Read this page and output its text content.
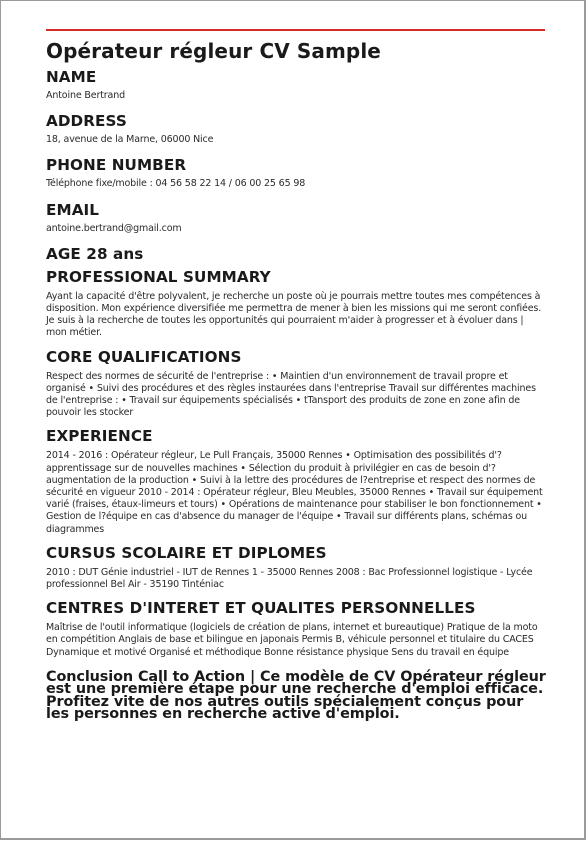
Opérateur régleur CV Sample
NAME

Antoine Bertrand

ADDRESS

18, avenue de la Marne, 06000 Nice

PHONE NUMBER

Téléphone fixe/mobile : 04 56 58 22 14 / 06 00 25 65 98

EMAIL

antoine.bertrand@gmail.com

AGE 28 ans
PROFESSIONAL SUMMARY

Ayant la capacité d'être polyvalent, je recherche un poste où je pourrais mettre toutes mes compétences à disposition. Mon expérience diversifiée me permettra de mener à bien les missions qui me seront confiées. Je suis à la recherche de toutes les opportunités qui pourraient m'aider à progresser et à évoluer dans | mon métier.

CORE QUALIFICATIONS

Respect des normes de sécurité de l'entreprise : • Maintien d'un environnement de travail propre et organisé • Suivi des procédures et des règles instaurées dans l'entreprise Travail sur différentes machines de l'entreprise : • Travail sur équipements spécialisés • tTansport des produits de zone en zone afin de pouvoir les stocker

EXPERIENCE

2014 - 2016 : Opérateur régleur, Le Pull Français, 35000 Rennes • Optimisation des possibilités d'?apprentissage sur de nouvelles machines • Sélection du produit à privilégier en cas de besoin d'?augmentation de la production • Suivi à la lettre des procédures de l?entreprise et respect des normes de sécurité en vigueur 2010 - 2014 : Opérateur régleur, Bleu Meubles, 35000 Rennes • Travail sur équipement varié (fraises, étaux-limeurs et tours) • Opérations de maintenance pour stabiliser le bon fonctionnement • Gestion de l?équipe en cas d'absence du manager de l'équipe • Travail sur différents plans, schémas ou diagrammes

CURSUS SCOLAIRE ET DIPLOMES

2010 : DUT Génie industriel - IUT de Rennes 1 - 35000 Rennes 2008 : Bac Professionnel logistique - Lycée professionnel Bel Air - 35190 Tinténiac

CENTRES D'INTERET ET QUALITES PERSONNELLES

Maîtrise de l'outil informatique (logiciels de création de plans, internet et bureautique) Pratique de la moto en compétition Anglais de base et bilingue en japonais Permis B, véhicule personnel et titulaire du CACES Dynamique et motivé Organisé et méthodique Bonne résistance physique Sens du travail en équipe

Conclusion Call to Action | Ce modèle de CV Opérateur régleur est une première étape pour une recherche d'emploi efficace. Profitez vite de nos autres outils spécialement conçus pour les personnes en recherche active d'emploi.
